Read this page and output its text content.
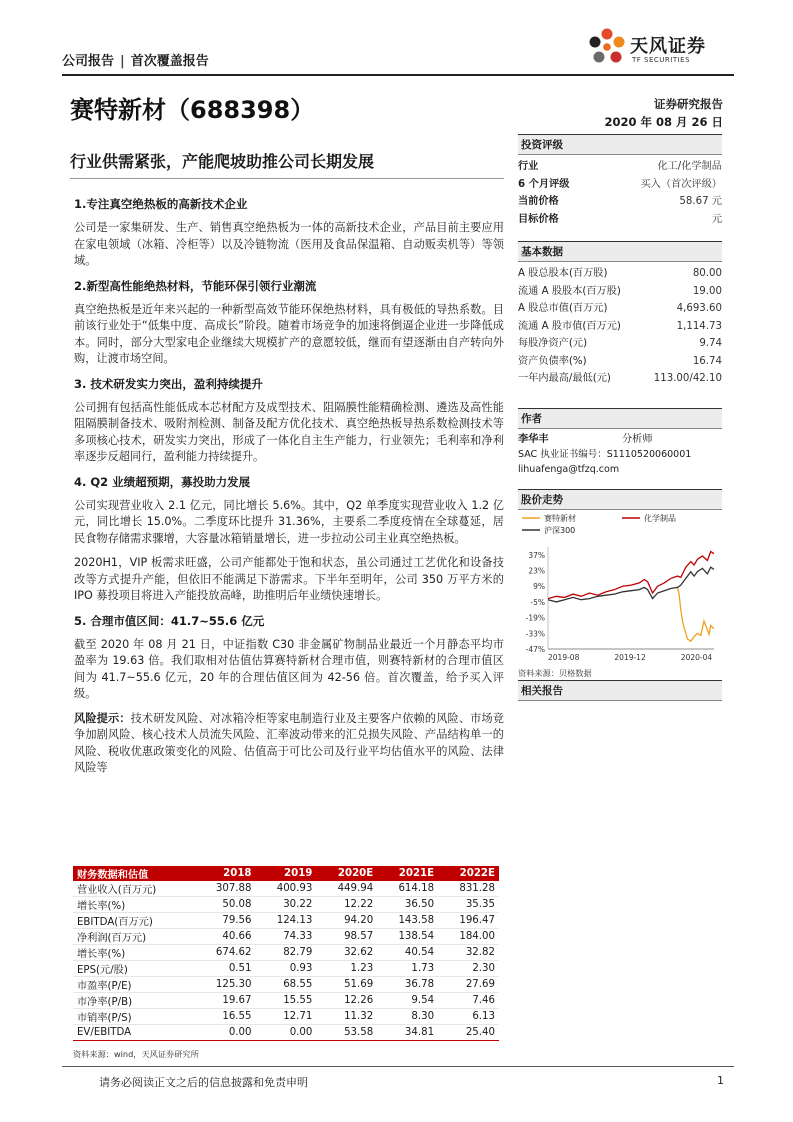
公司报告 | 首次覆盖报告
天风证券
TF SECURITIES
赛特新材（688398）	证券研究报告
2020 年 08 月 26 日
行业供需紧张，产能爬坡助推公司长期发展
1.专注真空绝热板的高新技术企业

公司是一家集研发、生产、销售真空绝热板为一体的高新技术企业，产品目前主要应用在家电领域（冰箱、冷柜等）以及冷链物流（医用及食品保温箱、自动贩卖机等）等领域。

2.新型高性能绝热材料，节能环保引领行业潮流

真空绝热板是近年来兴起的一种新型高效节能环保绝热材料，具有极低的导热系数。目前该行业处于“低集中度、高成长”阶段。随着市场竞争的加速将倒逼企业进一步降低成本。同时，部分大型家电企业继续大规模扩产的意愿较低，继而有望逐渐由自产转向外购，让渡市场空间。

3. 技术研发实力突出，盈利持续提升

公司拥有包括高性能低成本芯材配方及成型技术、阻隔膜性能精确检测、遴选及高性能阻隔膜制备技术、吸附剂检测、制备及配方优化技术、真空绝热板导热系数检测技术等多项核心技术，研发实力突出，形成了一体化自主生产能力，行业领先；毛利率和净利率逐步反超同行，盈利能力持续提升。

4. Q2 业绩超预期，募投助力发展

公司实现营业收入 2.1 亿元，同比增长 5.6%。其中，Q2 单季度实现营业收入 1.2 亿元，同比增长 15.0%。二季度环比提升 31.36%，主要系二季度疫情在全球蔓延，居民食物存储需求骤增，大容量冰箱销量增长，进一步拉动公司主业真空绝热板。

2020H1，VIP 板需求旺盛，公司产能都处于饱和状态，虽公司通过工艺优化和设备技改等方式提升产能，但依旧不能满足下游需求。下半年至明年，公司 350 万平方米的 IPO 募投项目将进入产能投放高峰，助推明后年业绩快速增长。

5. 合理市值区间：41.7~55.6 亿元

截至 2020 年 08 月 21 日，中证指数 C30 非金属矿物制品业最近一个月静态平均市盈率为 19.63 倍。我们取相对估值估算赛特新材合理市值，则赛特新材的合理市值区间为 41.7~55.6 亿元，20 年的合理估值区间为 42-56 倍。首次覆盖，给予买入评级。

风险提示：技术研发风险、对冰箱冷柜等家电制造行业及主要客户依赖的风险、市场竞争加剧风险、核心技术人员流失风险、汇率波动带来的汇兑损失风险、产品结构单一的风险、税收优惠政策变化的风险、估值高于可比公司及行业平均估值水平的风险、法律风险等

投资评级
行业	化工/化学制品
6 个月评级	买入（首次评级）
当前价格	58.67 元
目标价格	元
基本数据
A 股总股本(百万股)	80.00
流通 A 股股本(百万股)	19.00
A 股总市值(百万元)	4,693.60
流通 A 股市值(百万元)	1,114.73
每股净资产(元)	9.74
资产负债率(%)	16.74
一年内最高/最低(元)	113.00/42.10
作者
李华丰	分析师
SAC 执业证书编号：S1110520060001
lihuafenga@tfzq.com
股价走势
赛特新材	化学制品
沪深300
37%
23%
9%
-5%
-19%
-33%
-47%
2019-08	2019-12	2020-04
资料来源：贝格数据
相关报告
财务数据和估值	2018	2019	2020E	2021E	2022E
营业收入(百万元)	307.88	400.93	449.94	614.18	831.28
增长率(%)	50.08	30.22	12.22	36.50	35.35
EBITDA(百万元)	79.56	124.13	94.20	143.58	196.47
净利润(百万元)	40.66	74.33	98.57	138.54	184.00
增长率(%)	674.62	82.79	32.62	40.54	32.82
EPS(元/股)	0.51	0.93	1.23	1.73	2.30
市盈率(P/E)	125.30	68.55	51.69	36.78	27.69
市净率(P/B)	19.67	15.55	12.26	9.54	7.46
市销率(P/S)	16.55	12.71	11.32	8.30	6.13
EV/EBITDA	0.00	0.00	53.58	34.81	25.40
资料来源：wind，天风证券研究所
请务必阅读正文之后的信息披露和免责申明	1
